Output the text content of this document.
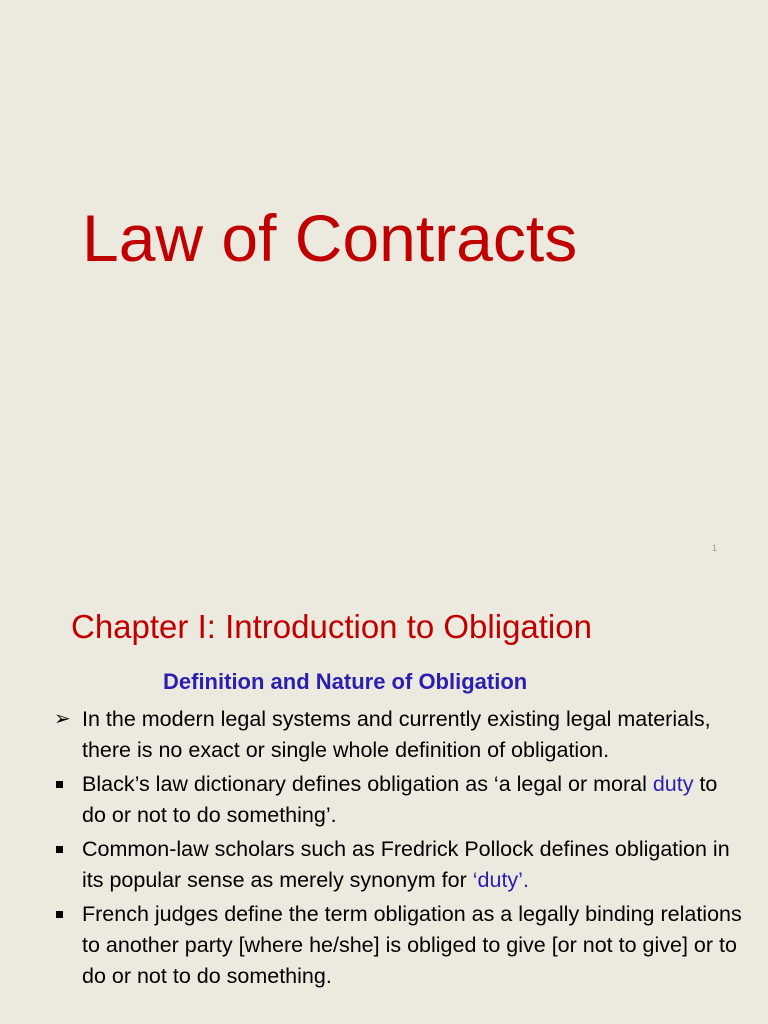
Law of Contracts
1
Chapter I: Introduction to Obligation
Definition and Nature of Obligation
➢ In the modern legal systems and currently existing legal materials, there is no exact or single whole definition of obligation.
Black’s law dictionary defines obligation as ‘a legal or moral duty to do or not to do something’.
Common-law scholars such as Fredrick Pollock defines obligation in its popular sense as merely synonym for ‘duty’.
French judges define the term obligation as a legally binding relations to another party [where he/she] is obliged to give [or not to give] or to do or not to do something.
